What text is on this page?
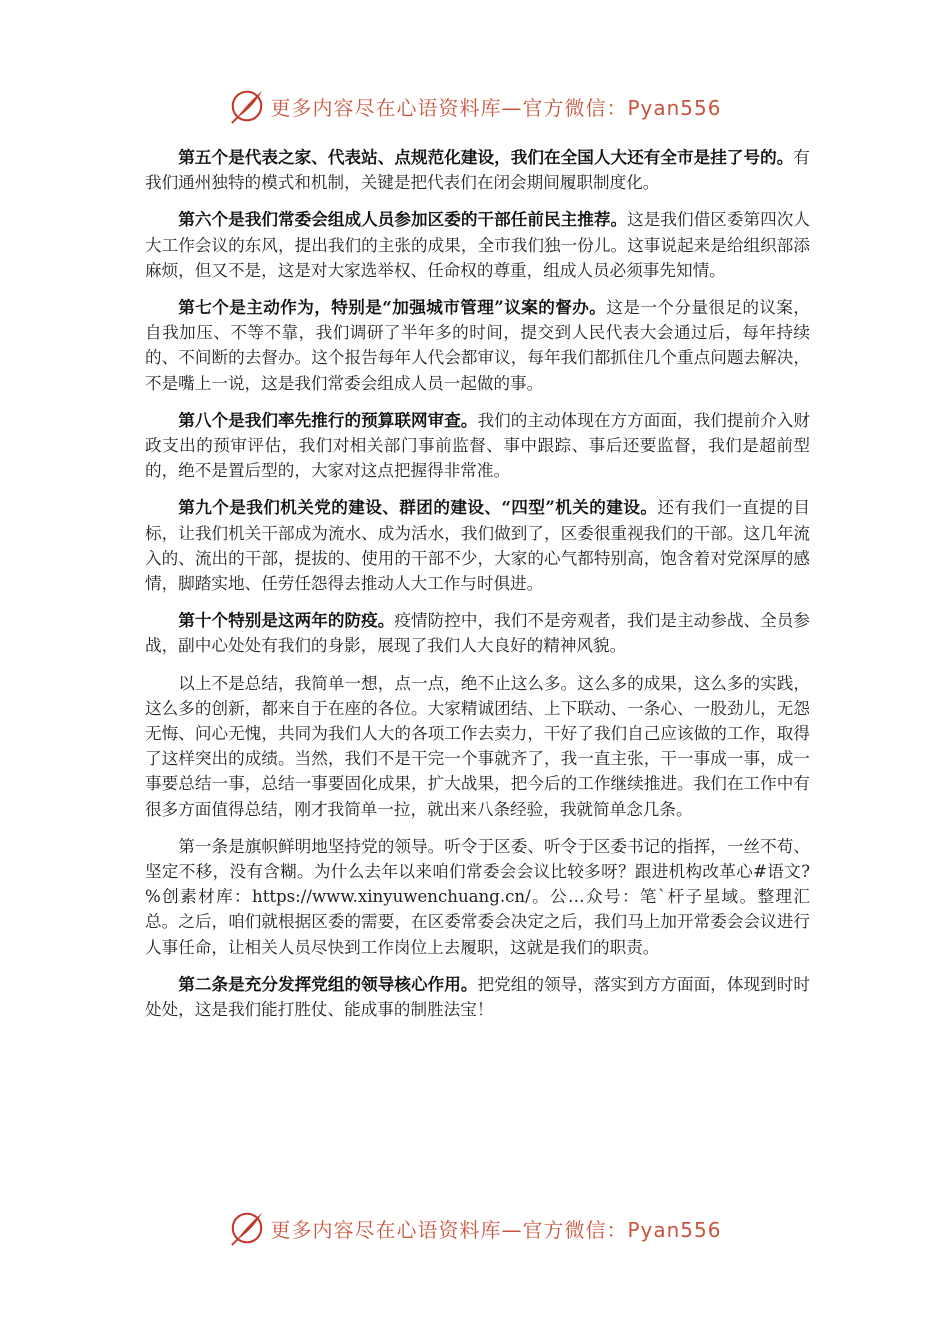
更多内容尽在心语资料库—官方微信：Pyan556

第五个是代表之家、代表站、点规范化建设，我们在全国人大还有全市是挂了号的。有我们通州独特的模式和机制，关键是把代表们在闭会期间履职制度化。

第六个是我们常委会组成人员参加区委的干部任前民主推荐。这是我们借区委第四次人大工作会议的东风，提出我们的主张的成果，全市我们独一份儿。这事说起来是给组织部添麻烦，但又不是，这是对大家选举权、任命权的尊重，组成人员必须事先知情。

第七个是主动作为，特别是“加强城市管理”议案的督办。这是一个分量很足的议案，自我加压、不等不靠，我们调研了半年多的时间，提交到人民代表大会通过后，每年持续的、不间断的去督办。这个报告每年人代会都审议，每年我们都抓住几个重点问题去解决，不是嘴上一说，这是我们常委会组成人员一起做的事。

第八个是我们率先推行的预算联网审查。我们的主动体现在方方面面，我们提前介入财政支出的预审评估，我们对相关部门事前监督、事中跟踪、事后还要监督，我们是超前型的，绝不是置后型的，大家对这点把握得非常准。

第九个是我们机关党的建设、群团的建设、“四型”机关的建设。还有我们一直提的目标，让我们机关干部成为流水、成为活水，我们做到了，区委很重视我们的干部。这几年流入的、流出的干部，提拔的、使用的干部不少，大家的心气都特别高，饱含着对党深厚的感情，脚踏实地、任劳任怨得去推动人大工作与时俱进。

第十个特别是这两年的防疫。疫情防控中，我们不是旁观者，我们是主动参战、全员参战，副中心处处有我们的身影，展现了我们人大良好的精神风貌。

以上不是总结，我简单一想，点一点，绝不止这么多。这么多的成果，这么多的实践，这么多的创新，都来自于在座的各位。大家精诚团结、上下联动、一条心、一股劲儿，无怨无悔、问心无愧，共同为我们人大的各项工作去卖力，干好了我们自己应该做的工作，取得了这样突出的成绩。当然，我们不是干完一个事就齐了，我一直主张，干一事成一事，成一事要总结一事，总结一事要固化成果，扩大战果，把今后的工作继续推进。我们在工作中有很多方面值得总结，刚才我简单一拉，就出来八条经验，我就简单念几条。

第一条是旗帜鲜明地坚持党的领导。听令于区委、听令于区委书记的指挥，一丝不苟、坚定不移，没有含糊。为什么去年以来咱们常委会会议比较多呀？跟进机构改革心#语文?%创素材库：https://www.xinyuwenchuang.cn/。公…众号：笔`杆子星域。整理汇总。之后，咱们就根据区委的需要，在区委常委会决定之后，我们马上加开常委会会议进行人事任命，让相关人员尽快到工作岗位上去履职，这就是我们的职责。

第二条是充分发挥党组的领导核心作用。把党组的领导，落实到方方面面，体现到时时处处，这是我们能打胜仗、能成事的制胜法宝！

更多内容尽在心语资料库—官方微信：Pyan556
